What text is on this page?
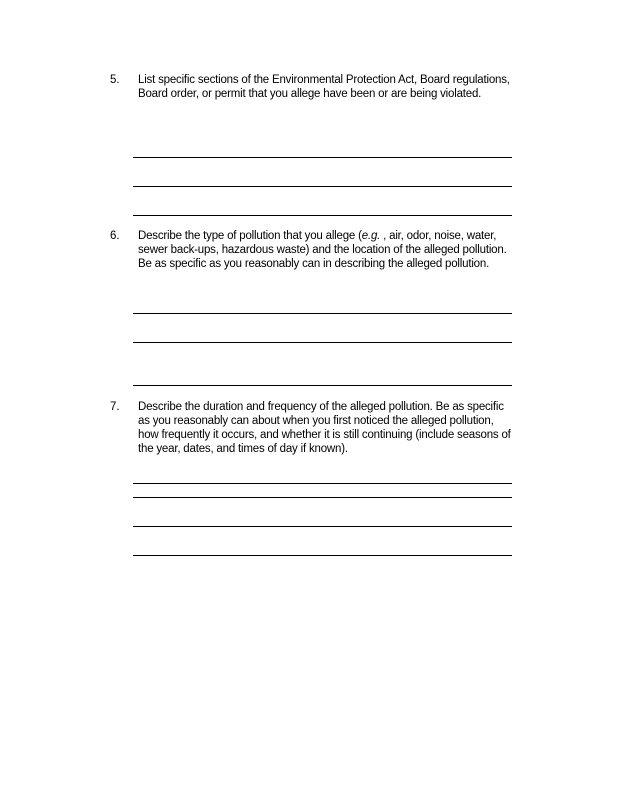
5. List specific sections of the Environmental Protection Act, Board regulations, Board order, or permit that you allege have been or are being violated.
6. Describe the type of pollution that you allege (e.g. , air, odor, noise, water, sewer back-ups, hazardous waste) and the location of the alleged pollution. Be as specific as you reasonably can in describing the alleged pollution.
7. Describe the duration and frequency of the alleged pollution. Be as specific as you reasonably can about when you first noticed the alleged pollution, how frequently it occurs, and whether it is still continuing (include seasons of the year, dates, and times of day if known).
